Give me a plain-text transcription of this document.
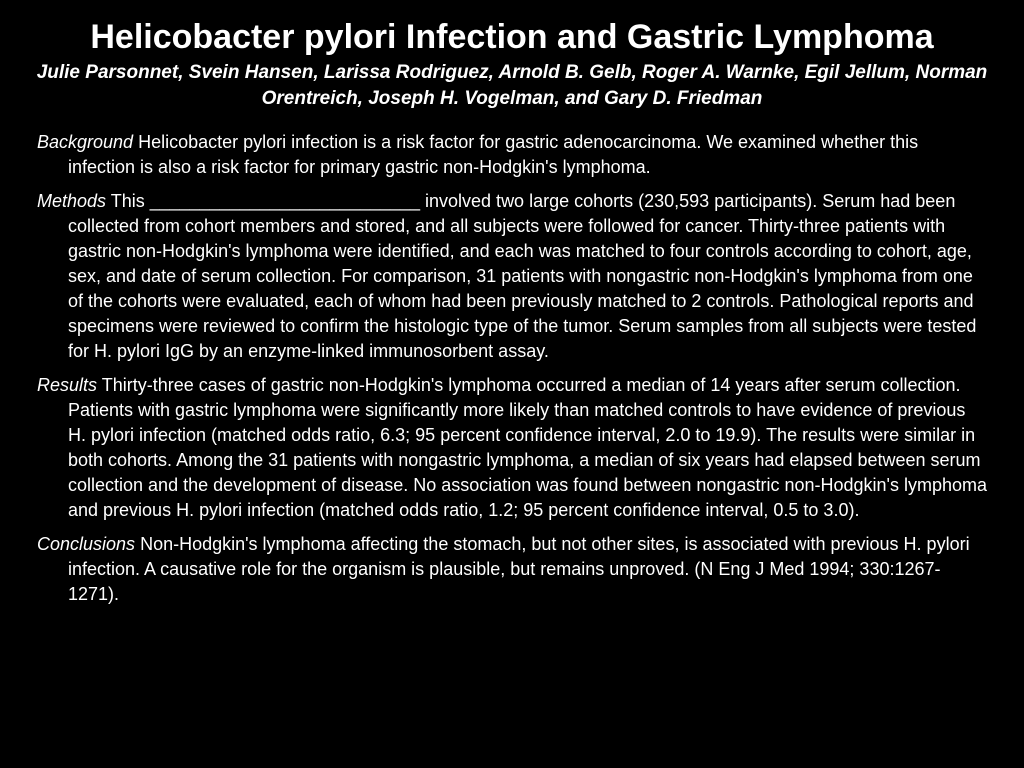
Helicobacter pylori Infection and Gastric Lymphoma
Julie Parsonnet, Svein Hansen, Larissa Rodriguez, Arnold B. Gelb, Roger A. Warnke, Egil Jellum, Norman Orentreich, Joseph H. Vogelman, and Gary D. Friedman

Background Helicobacter pylori infection is a risk factor for gastric adenocarcinoma. We examined whether this infection is also a risk factor for primary gastric non-Hodgkin's lymphoma.

Methods This ___________________________ involved two large cohorts (230,593 participants). Serum had been collected from cohort members and stored, and all subjects were followed for cancer. Thirty-three patients with gastric non-Hodgkin's lymphoma were identified, and each was matched to four controls according to cohort, age, sex, and date of serum collection. For comparison, 31 patients with nongastric non-Hodgkin's lymphoma from one of the cohorts were evaluated, each of whom had been previously matched to 2 controls. Pathological reports and specimens were reviewed to confirm the histologic type of the tumor. Serum samples from all subjects were tested for H. pylori IgG by an enzyme-linked immunosorbent assay.

Results Thirty-three cases of gastric non-Hodgkin's lymphoma occurred a median of 14 years after serum collection. Patients with gastric lymphoma were significantly more likely than matched controls to have evidence of previous H. pylori infection (matched odds ratio, 6.3; 95 percent confidence interval, 2.0 to 19.9). The results were similar in both cohorts. Among the 31 patients with nongastric lymphoma, a median of six years had elapsed between serum collection and the development of disease. No association was found between nongastric non-Hodgkin's lymphoma and previous H. pylori infection (matched odds ratio, 1.2; 95 percent confidence interval, 0.5 to 3.0).

Conclusions Non-Hodgkin's lymphoma affecting the stomach, but not other sites, is associated with previous H. pylori infection. A causative role for the organism is plausible, but remains unproved. (N Eng J Med 1994; 330:1267-1271).
